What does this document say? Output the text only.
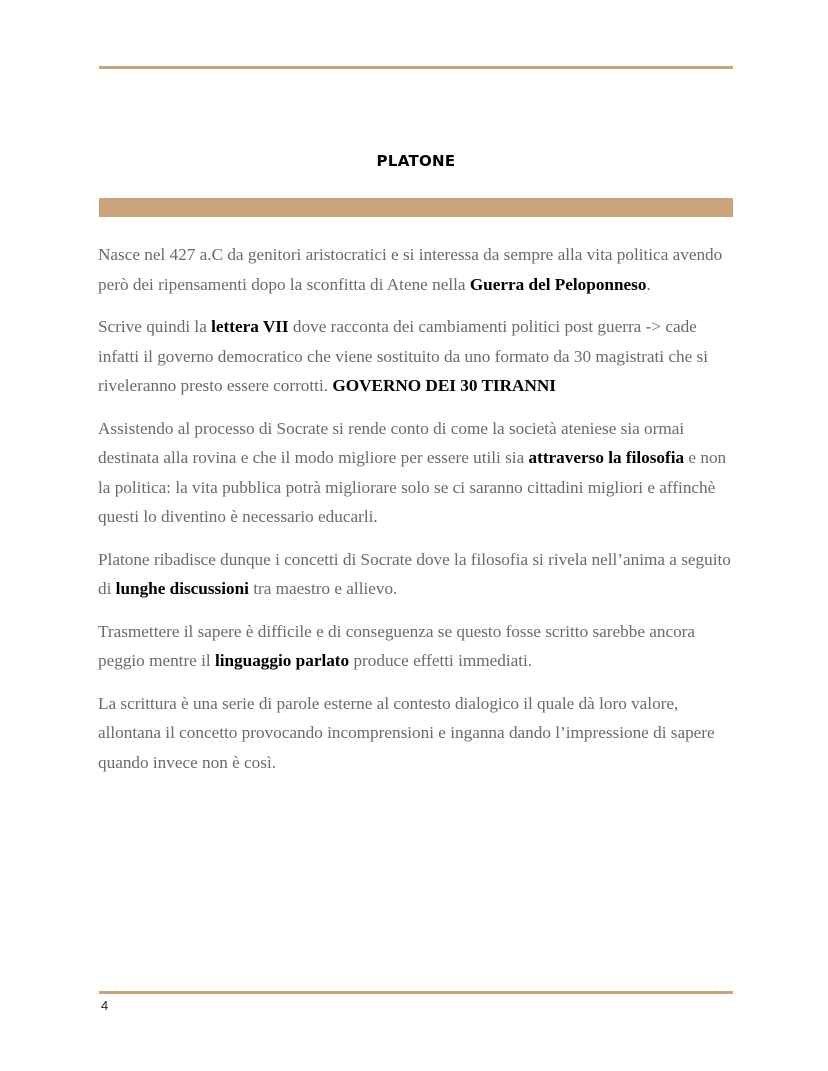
PLATONE

Nasce nel 427 a.C da genitori aristocratici e si interessa da sempre alla vita politica avendo però dei ripensamenti dopo la sconfitta di Atene nella Guerra del Peloponneso.

Scrive quindi la lettera VII dove racconta dei cambiamenti politici post guerra -> cade infatti il governo democratico che viene sostituito da uno formato da 30 magistrati che si riveleranno presto essere corrotti. GOVERNO DEI 30 TIRANNI

Assistendo al processo di Socrate si rende conto di come la società ateniese sia ormai destinata alla rovina e che il modo migliore per essere utili sia attraverso la filosofia e non la politica: la vita pubblica potrà migliorare solo se ci saranno cittadini migliori e affinchè questi lo diventino è necessario educarli.

Platone ribadisce dunque i concetti di Socrate dove la filosofia si rivela nell’anima a seguito di lunghe discussioni tra maestro e allievo.

Trasmettere il sapere è difficile e di conseguenza se questo fosse scritto sarebbe ancora peggio mentre il linguaggio parlato produce effetti immediati.

La scrittura è una serie di parole esterne al contesto dialogico il quale dà loro valore, allontana il concetto provocando incomprensioni e inganna dando l’impressione di sapere quando invece non è così.

4
